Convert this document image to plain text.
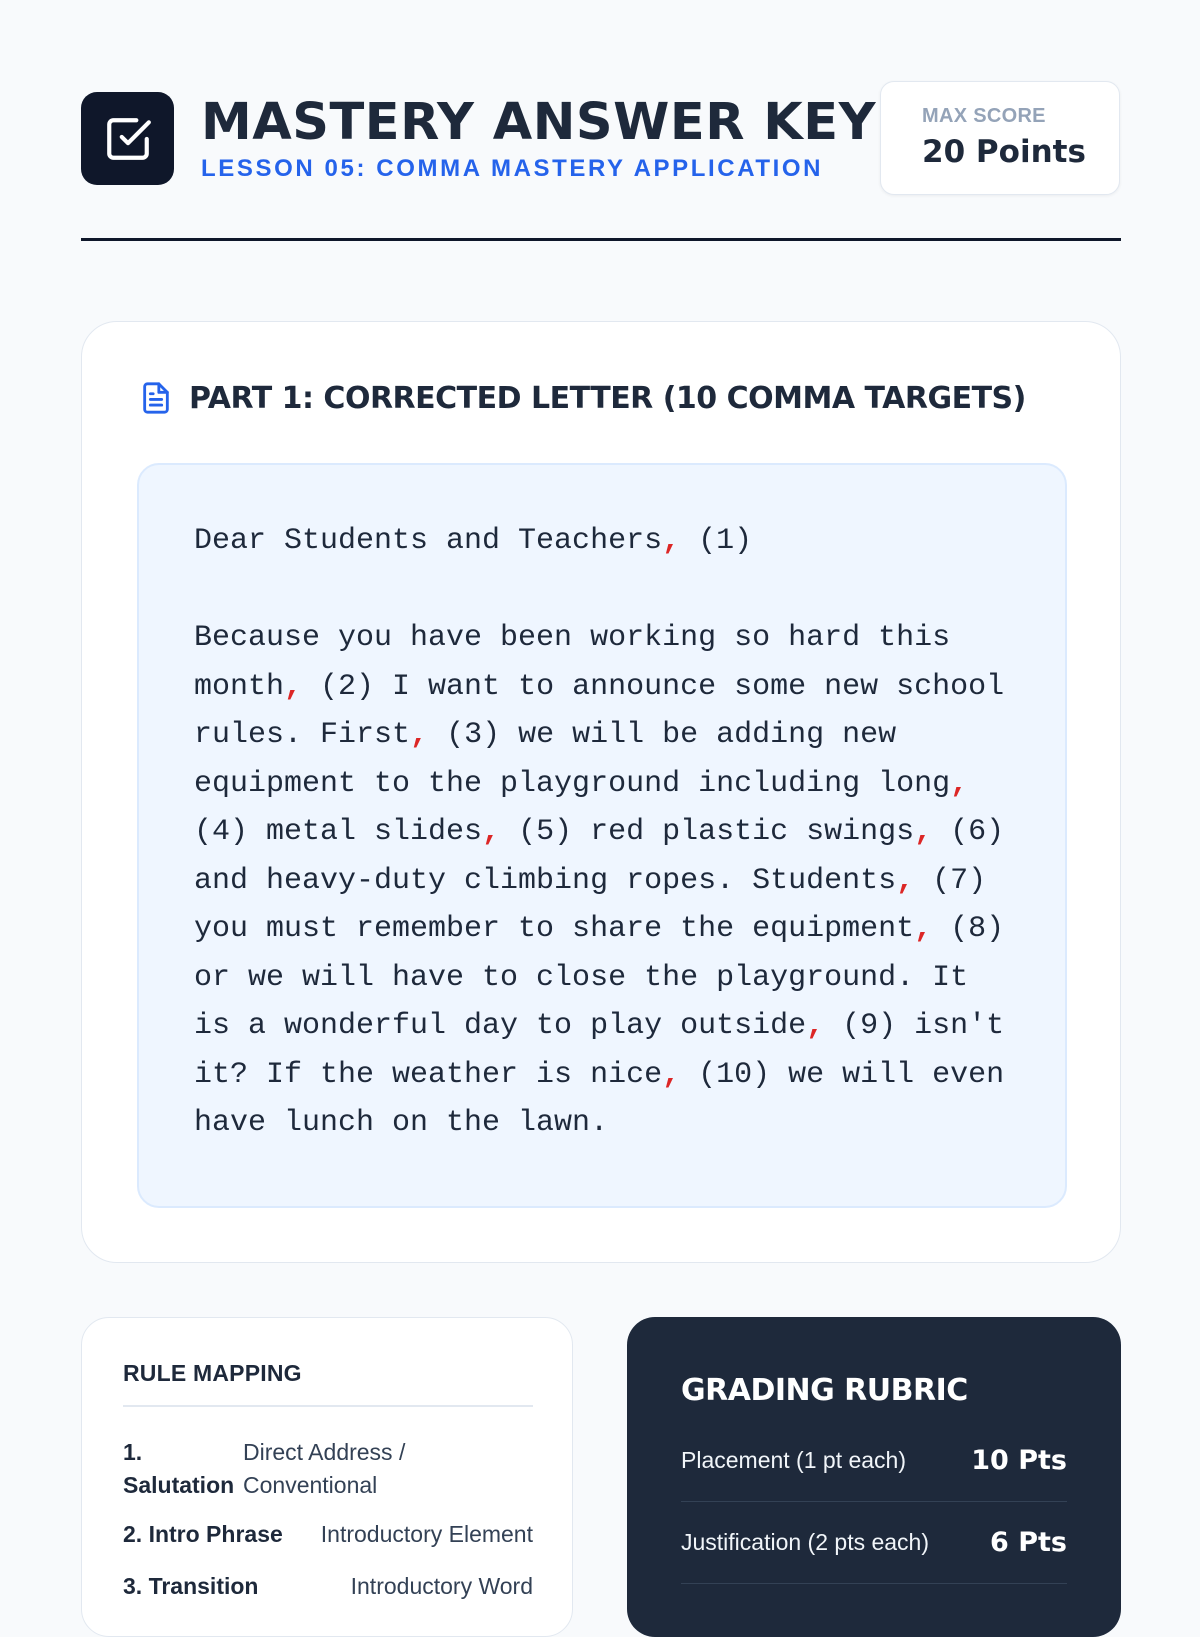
MASTERY ANSWER KEY
LESSON 05: COMMA MASTERY APPLICATION
MAX SCORE
20 Points
PART 1: CORRECTED LETTER (10 COMMA TARGETS)
Dear Students and Teachers, (1)

Because you have been working so hard this
month, (2) I want to announce some new school
rules. First, (3) we will be adding new
equipment to the playground including long,
(4) metal slides, (5) red plastic swings, (6)
and heavy-duty climbing ropes. Students, (7)
you must remember to share the equipment, (8)
or we will have to close the playground. It
is a wonderful day to play outside, (9) isn't
it? If the weather is nice, (10) we will even
have lunch on the lawn.
RULE MAPPING
1.
Salutation
Direct Address /
Conventional
2. Intro Phrase Introductory Element
3. Transition	Introductory Word
GRADING RUBRIC
Placement (1 pt each) 10 Pts
Justification (2 pts each) 6 Pts
